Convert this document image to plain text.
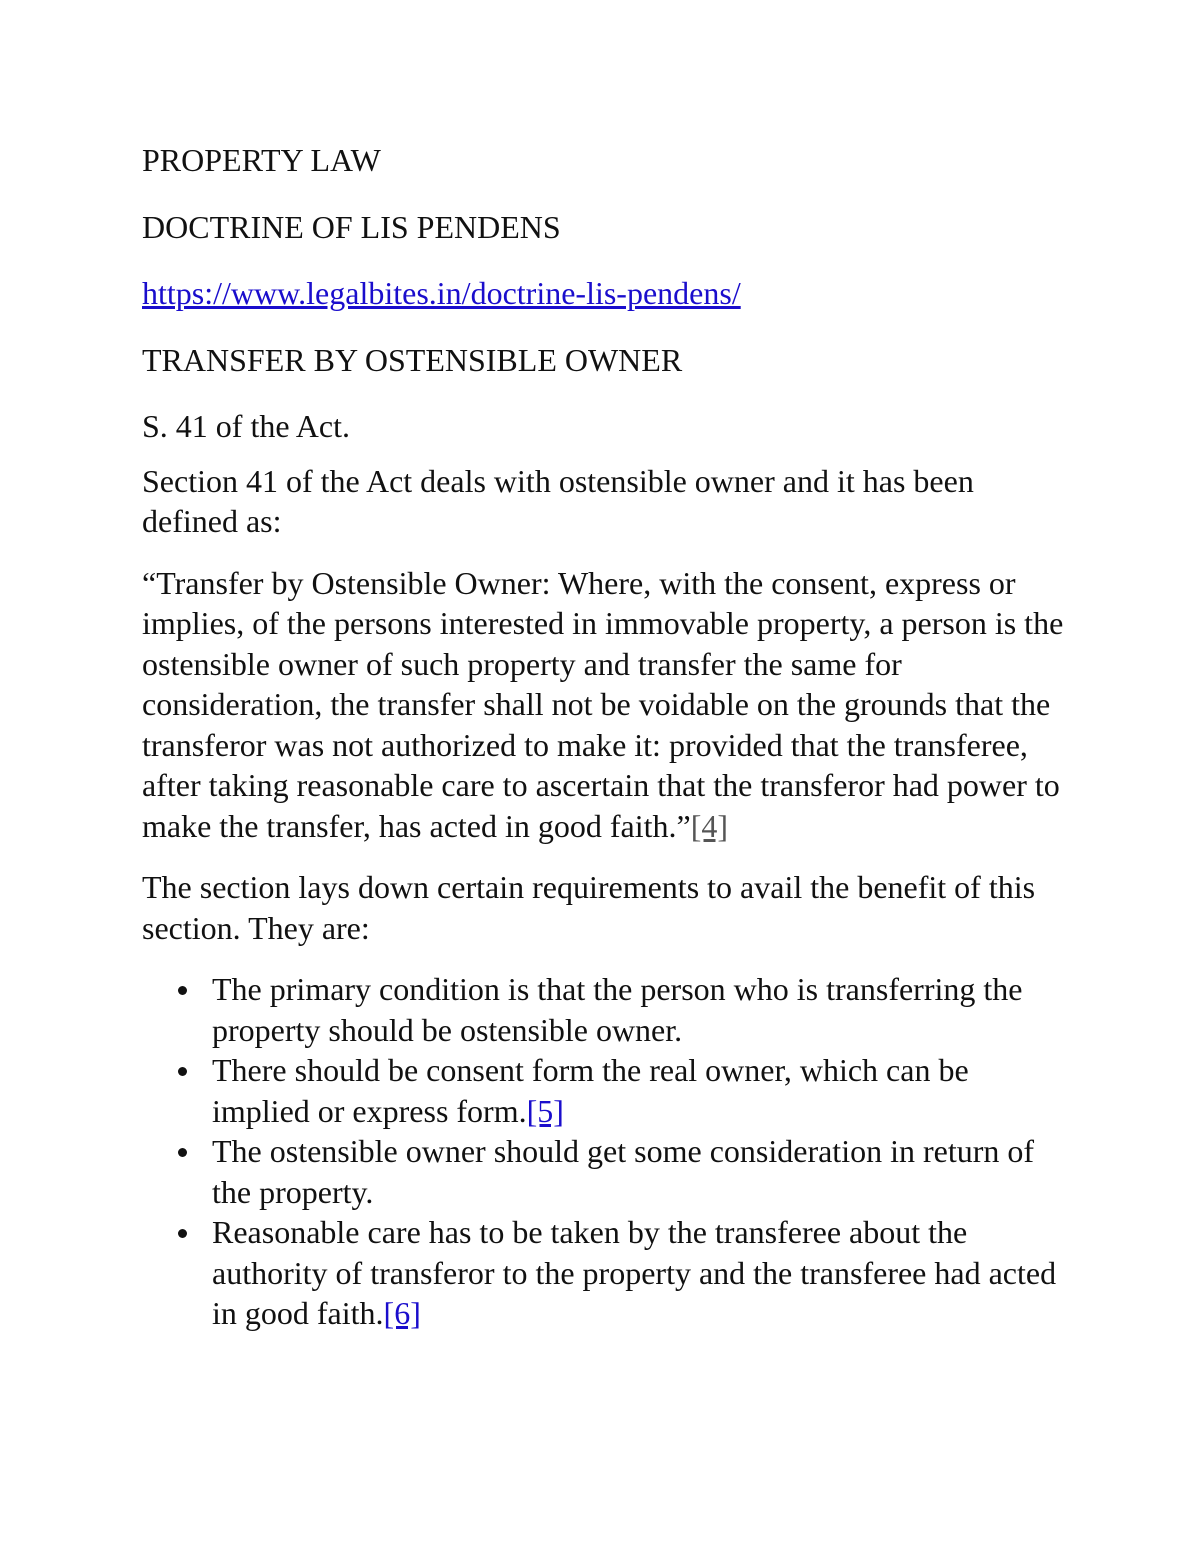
PROPERTY LAW

DOCTRINE OF LIS PENDENS

https://www.legalbites.in/doctrine-lis-pendens/

TRANSFER BY OSTENSIBLE OWNER

S. 41 of the Act.

Section 41 of the Act deals with ostensible owner and it has been defined as:

“Transfer by Ostensible Owner: Where, with the consent, express or implies, of the persons interested in immovable property, a person is the ostensible owner of such property and transfer the same for consideration, the transfer shall not be voidable on the grounds that the transferor was not authorized to make it: provided that the transferee, after taking reasonable care to ascertain that the transferor had power to make the transfer, has acted in good faith.”[4]

The section lays down certain requirements to avail the benefit of this section. They are:

The primary condition is that the person who is transferring the property should be ostensible owner.
There should be consent form the real owner, which can be implied or express form.[5]
The ostensible owner should get some consideration in return of the property.
Reasonable care has to be taken by the transferee about the authority of transferor to the property and the transferee had acted in good faith.[6]
